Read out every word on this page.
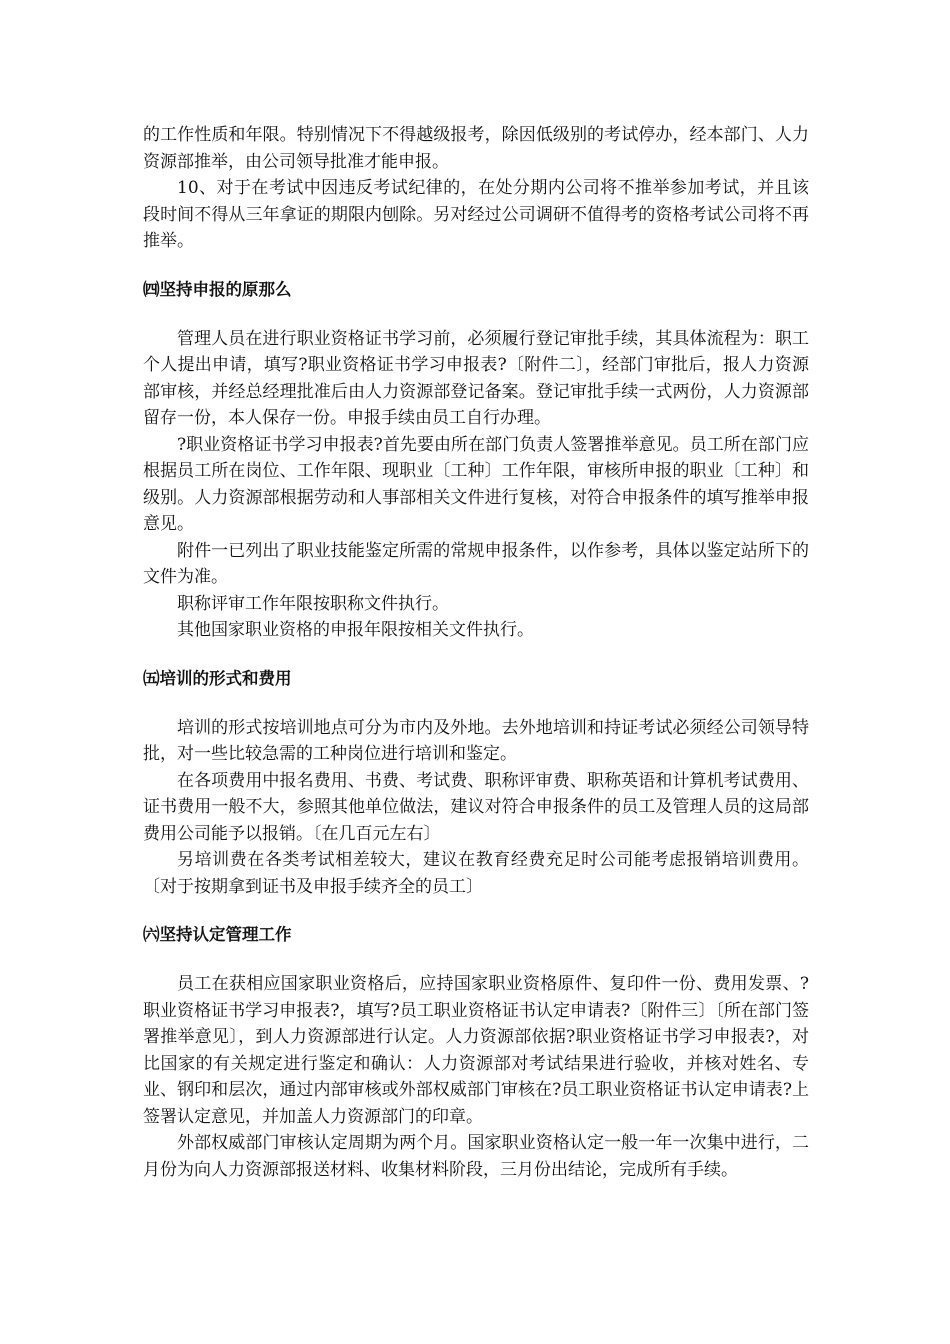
的工作性质和年限。特别情况下不得越级报考，除因低级别的考试停办，经本部门、人力资源部推举，由公司领导批准才能申报。

10、对于在考试中因违反考试纪律的，在处分期内公司将不推举参加考试，并且该段时间不得从三年拿证的期限内刨除。另对经过公司调研不值得考的资格考试公司将不再推举。

㈣坚持申报的原那么

管理人员在进行职业资格证书学习前，必须履行登记审批手续，其具体流程为：职工个人提出申请，填写?职业资格证书学习申报表?〔附件二〕，经部门审批后，报人力资源部审核，并经总经理批准后由人力资源部登记备案。登记审批手续一式两份，人力资源部留存一份，本人保存一份。申报手续由员工自行办理。

?职业资格证书学习申报表?首先要由所在部门负责人签署推举意见。员工所在部门应根据员工所在岗位、工作年限、现职业〔工种〕工作年限，审核所申报的职业〔工种〕和级别。人力资源部根据劳动和人事部相关文件进行复核，对符合申报条件的填写推举申报意见。

附件一已列出了职业技能鉴定所需的常规申报条件，以作参考，具体以鉴定站所下的文件为准。

职称评审工作年限按职称文件执行。

其他国家职业资格的申报年限按相关文件执行。

㈤培训的形式和费用

培训的形式按培训地点可分为市内及外地。去外地培训和持证考试必须经公司领导特批，对一些比较急需的工种岗位进行培训和鉴定。

在各项费用中报名费用、书费、考试费、职称评审费、职称英语和计算机考试费用、证书费用一般不大，参照其他单位做法，建议对符合申报条件的员工及管理人员的这局部费用公司能予以报销。〔在几百元左右〕

另培训费在各类考试相差较大，建议在教育经费充足时公司能考虑报销培训费用。〔对于按期拿到证书及申报手续齐全的员工〕

㈥坚持认定管理工作

员工在获相应国家职业资格后，应持国家职业资格原件、复印件一份、费用发票、?职业资格证书学习申报表?，填写?员工职业资格证书认定申请表?〔附件三〕〔所在部门签署推举意见〕，到人力资源部进行认定。人力资源部依据?职业资格证书学习申报表?，对比国家的有关规定进行鉴定和确认：人力资源部对考试结果进行验收，并核对姓名、专业、钢印和层次，通过内部审核或外部权威部门审核在?员工职业资格证书认定申请表?上签署认定意见，并加盖人力资源部门的印章。

外部权威部门审核认定周期为两个月。国家职业资格认定一般一年一次集中进行，二月份为向人力资源部报送材料、收集材料阶段，三月份出结论，完成所有手续。
